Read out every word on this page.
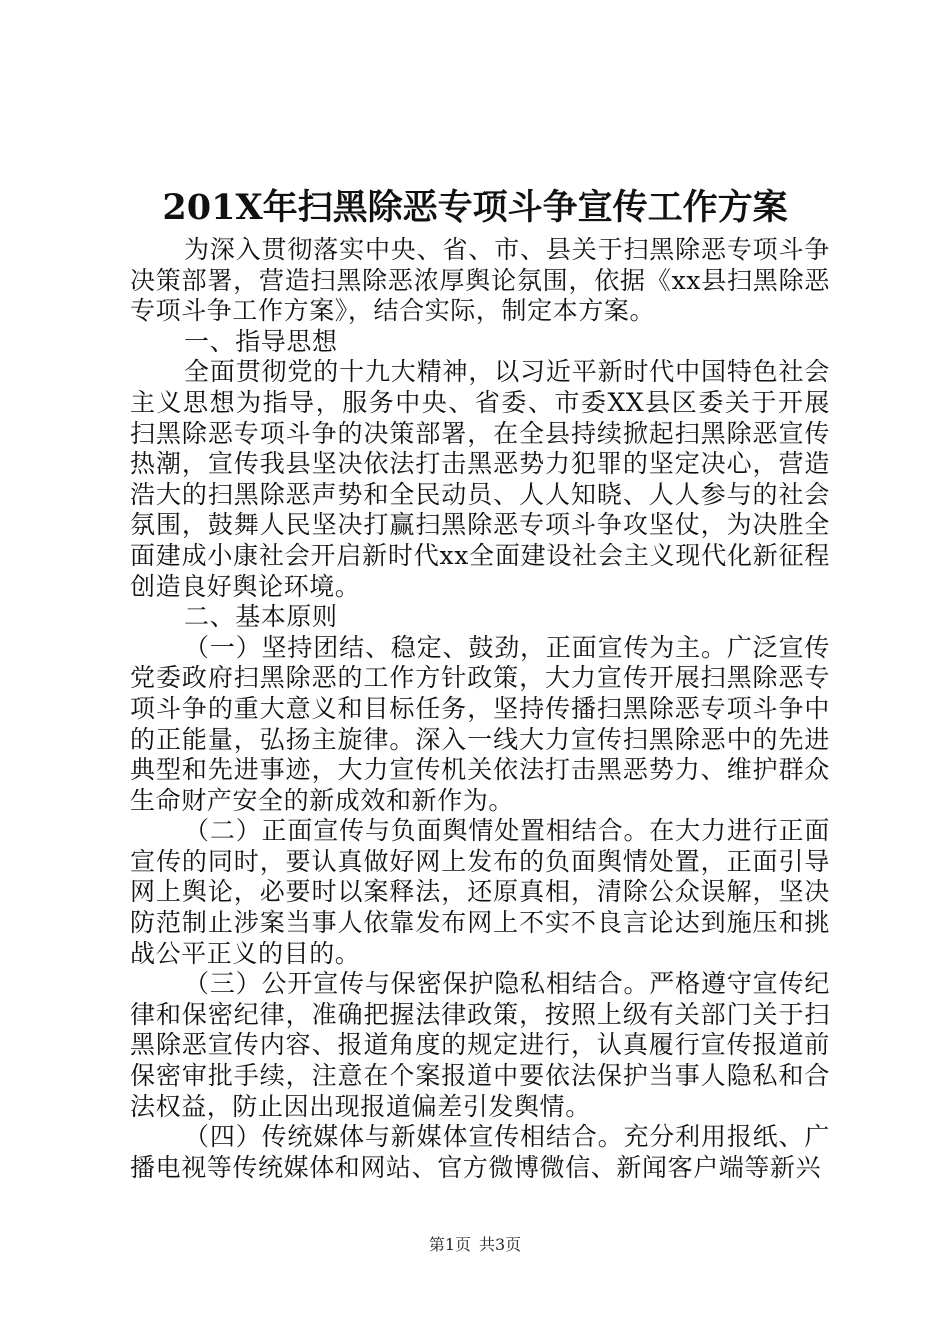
201X年扫黑除恶专项斗争宣传工作方案

为深入贯彻落实中央、省、市、县关于扫黑除恶专项斗争决策部署，营造扫黑除恶浓厚舆论氛围，依据《xx县扫黑除恶专项斗争工作方案》，结合实际，制定本方案。

一、指导思想

全面贯彻党的十九大精神，以习近平新时代中国特色社会主义思想为指导，服务中央、省委、市委XX县区委关于开展扫黑除恶专项斗争的决策部署，在全县持续掀起扫黑除恶宣传热潮，宣传我县坚决依法打击黑恶势力犯罪的坚定决心，营造浩大的扫黑除恶声势和全民动员、人人知晓、人人参与的社会氛围，鼓舞人民坚决打赢扫黑除恶专项斗争攻坚仗，为决胜全面建成小康社会开启新时代xx全面建设社会主义现代化新征程创造良好舆论环境。

二、基本原则

（一）坚持团结、稳定、鼓劲，正面宣传为主。广泛宣传党委政府扫黑除恶的工作方针政策，大力宣传开展扫黑除恶专项斗争的重大意义和目标任务，坚持传播扫黑除恶专项斗争中的正能量，弘扬主旋律。深入一线大力宣传扫黑除恶中的先进典型和先进事迹，大力宣传机关依法打击黑恶势力、维护群众生命财产安全的新成效和新作为。

（二）正面宣传与负面舆情处置相结合。在大力进行正面宣传的同时，要认真做好网上发布的负面舆情处置，正面引导网上舆论，必要时以案释法，还原真相，清除公众误解，坚决防范制止涉案当事人依靠发布网上不实不良言论达到施压和挑战公平正义的目的。

（三）公开宣传与保密保护隐私相结合。严格遵守宣传纪律和保密纪律，准确把握法律政策，按照上级有关部门关于扫黑除恶宣传内容、报道角度的规定进行，认真履行宣传报道前保密审批手续，注意在个案报道中要依法保护当事人隐私和合法权益，防止因出现报道偏差引发舆情。

（四）传统媒体与新媒体宣传相结合。充分利用报纸、广播电视等传统媒体和网站、官方微博微信、新闻客户端等新兴

第1页 共3页
